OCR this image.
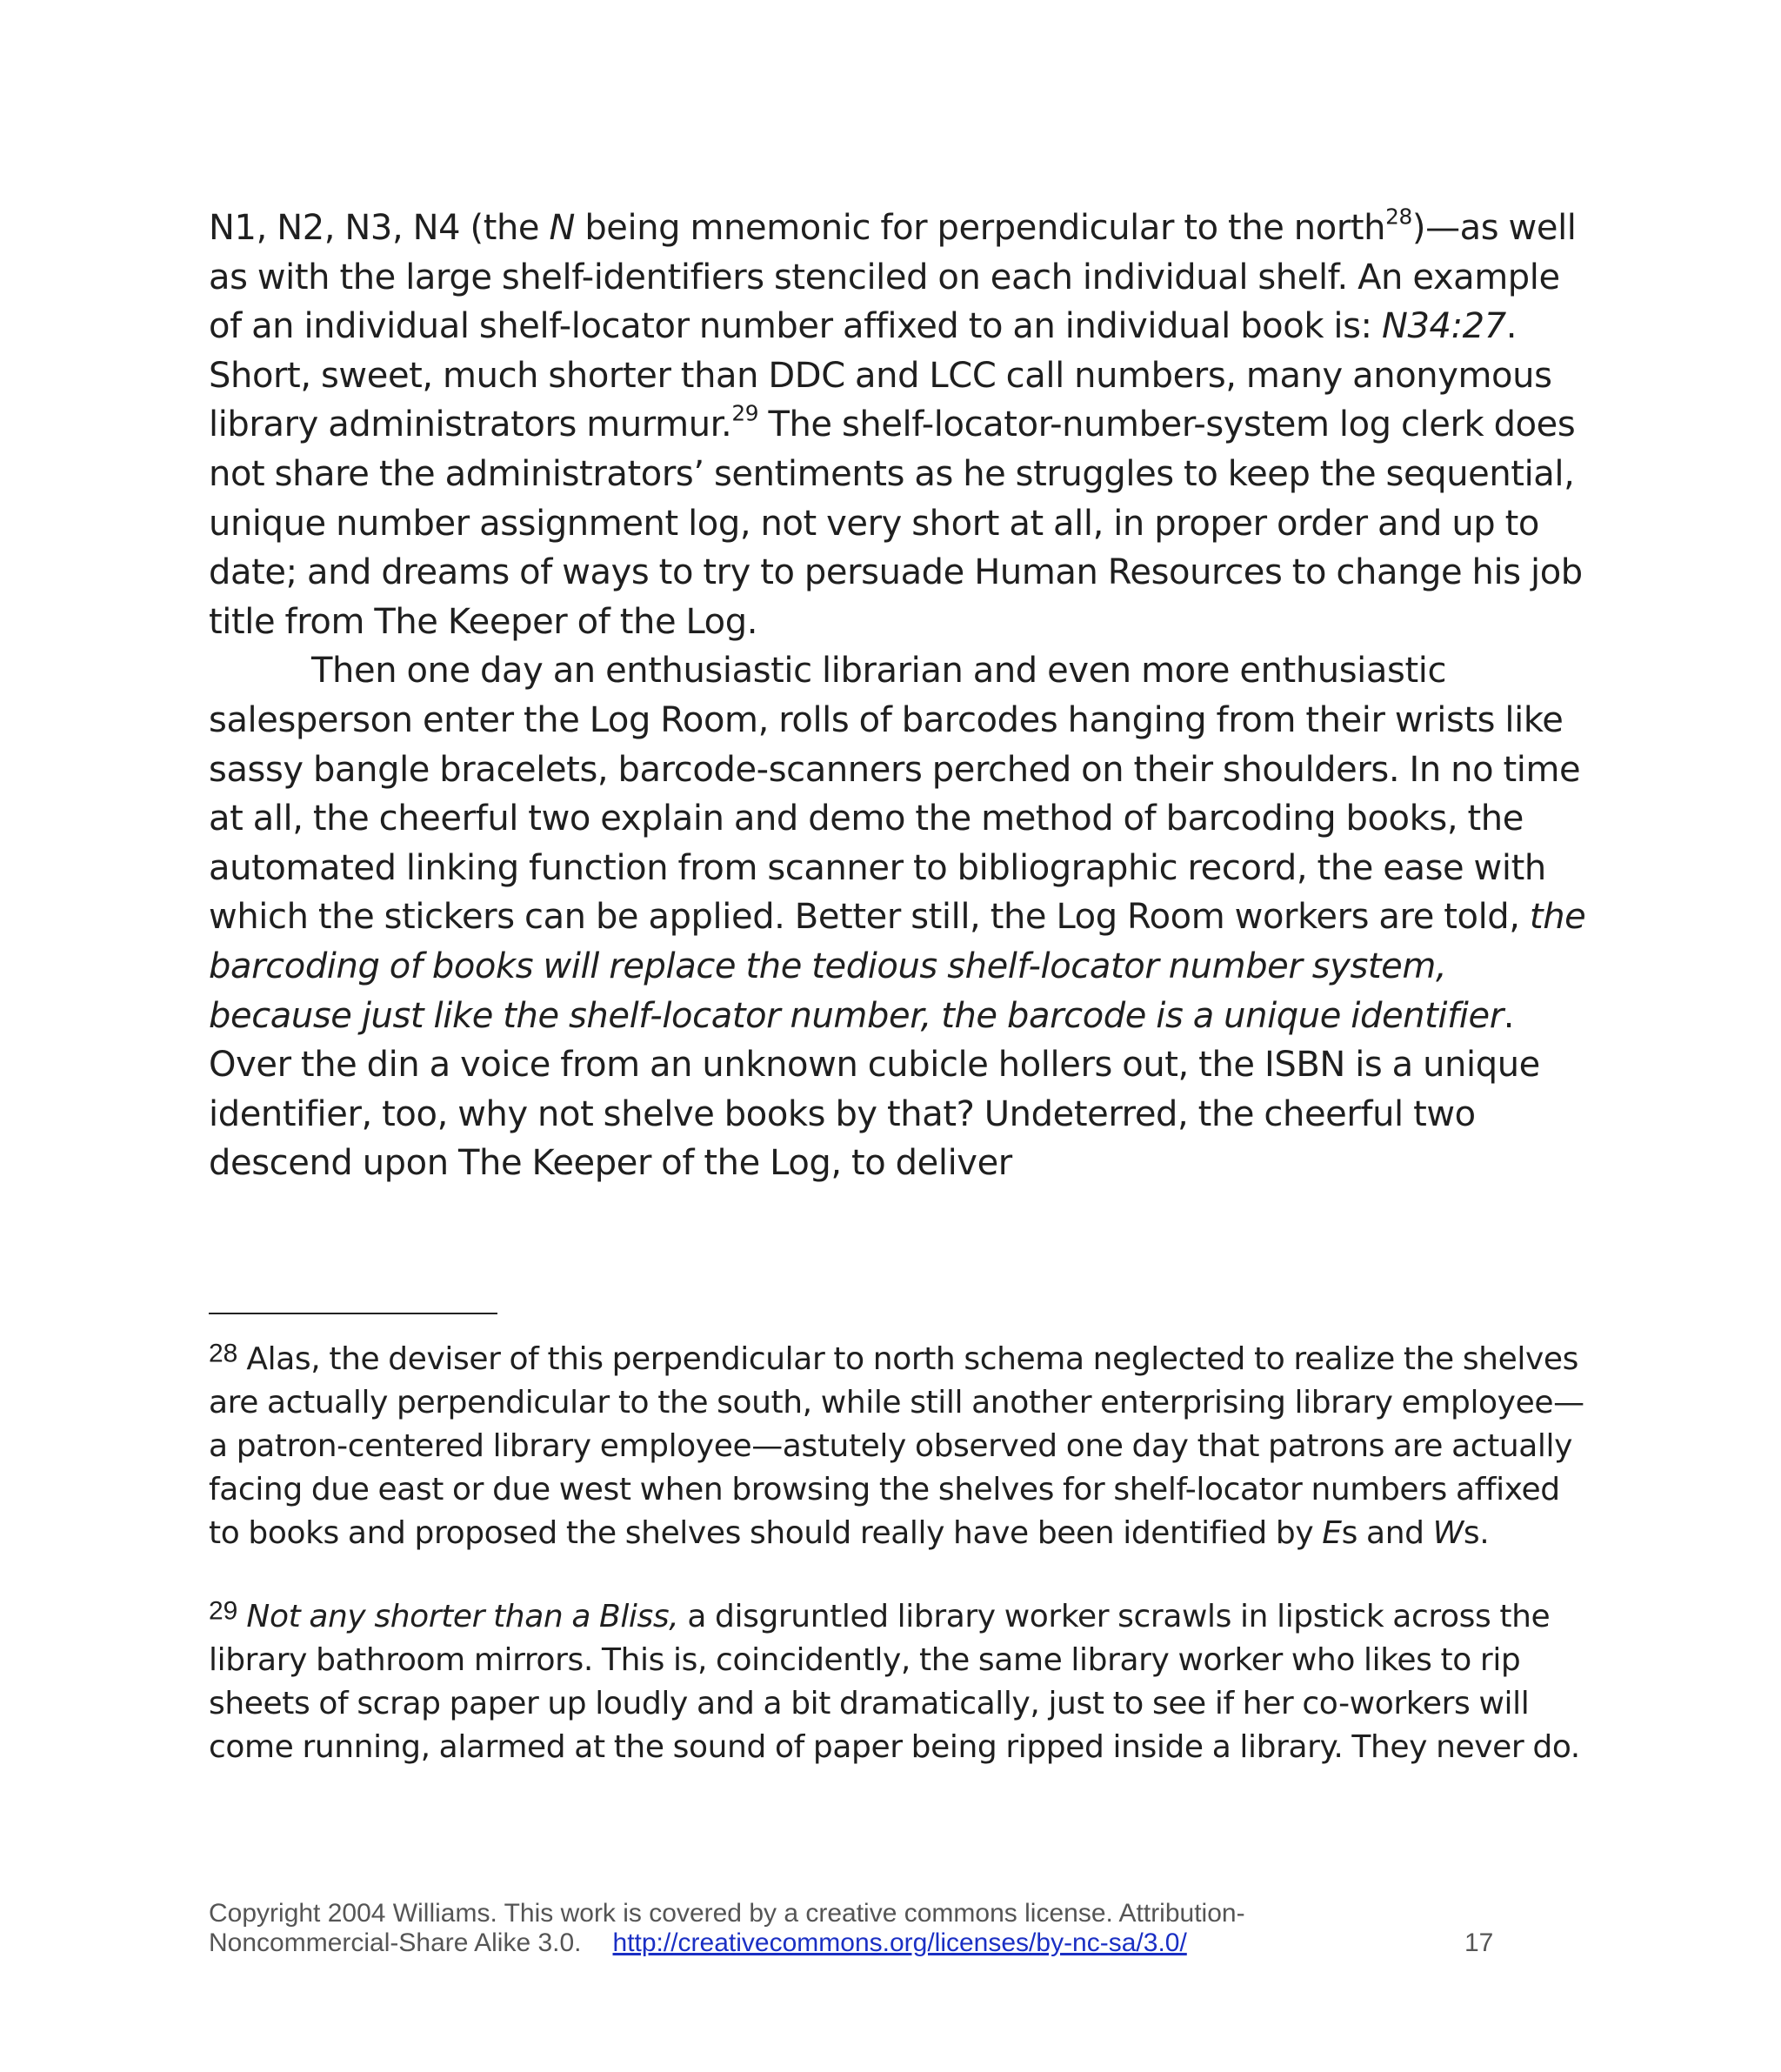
N1, N2, N3, N4 (the N being mnemonic for perpendicular to the north$^{28}$)—as well as with the large shelf-identifiers stenciled on each individual shelf. An example of an individual shelf-locator number affixed to an individual book is: N34:27. Short, sweet, much shorter than DDC and LCC call numbers, many anonymous library administrators murmur.$^{29}$ The shelf-locator-number-system log clerk does not share the administrators’ sentiments as he struggles to keep the sequential, unique number assignment log, not very short at all, in proper order and up to date; and dreams of ways to try to persuade Human Resources to change his job title from The Keeper of the Log.

Then one day an enthusiastic librarian and even more enthusiastic salesperson enter the Log Room, rolls of barcodes hanging from their wrists like sassy bangle bracelets, barcode-scanners perched on their shoulders. In no time at all, the cheerful two explain and demo the method of barcoding books, the automated linking function from scanner to bibliographic record, the ease with which the stickers can be applied. Better still, the Log Room workers are told, the barcoding of books will replace the tedious shelf-locator number system, because just like the shelf-locator number, the barcode is a unique identifier. Over the din a voice from an unknown cubicle hollers out, the ISBN is a unique identifier, too, why not shelve books by that? Undeterred, the cheerful two descend upon The Keeper of the Log, to deliver

$^{28}$ Alas, the deviser of this perpendicular to north schema neglected to realize the shelves are actually perpendicular to the south, while still another enterprising library employee—a patron-centered library employee—astutely observed one day that patrons are actually facing due east or due west when browsing the shelves for shelf-locator numbers affixed to books and proposed the shelves should really have been identified by Es and Ws.

$^{29}$ Not any shorter than a Bliss, a disgruntled library worker scrawls in lipstick across the library bathroom mirrors. This is, coincidently, the same library worker who likes to rip sheets of scrap paper up loudly and a bit dramatically, just to see if her co-workers will come running, alarmed at the sound of paper being ripped inside a library. They never do.

Copyright 2004 Williams. This work is covered by a creative commons license. Attribution-
Noncommercial-Share Alike 3.0. http://creativecommons.org/licenses/by-nc-sa/3.0/	17
